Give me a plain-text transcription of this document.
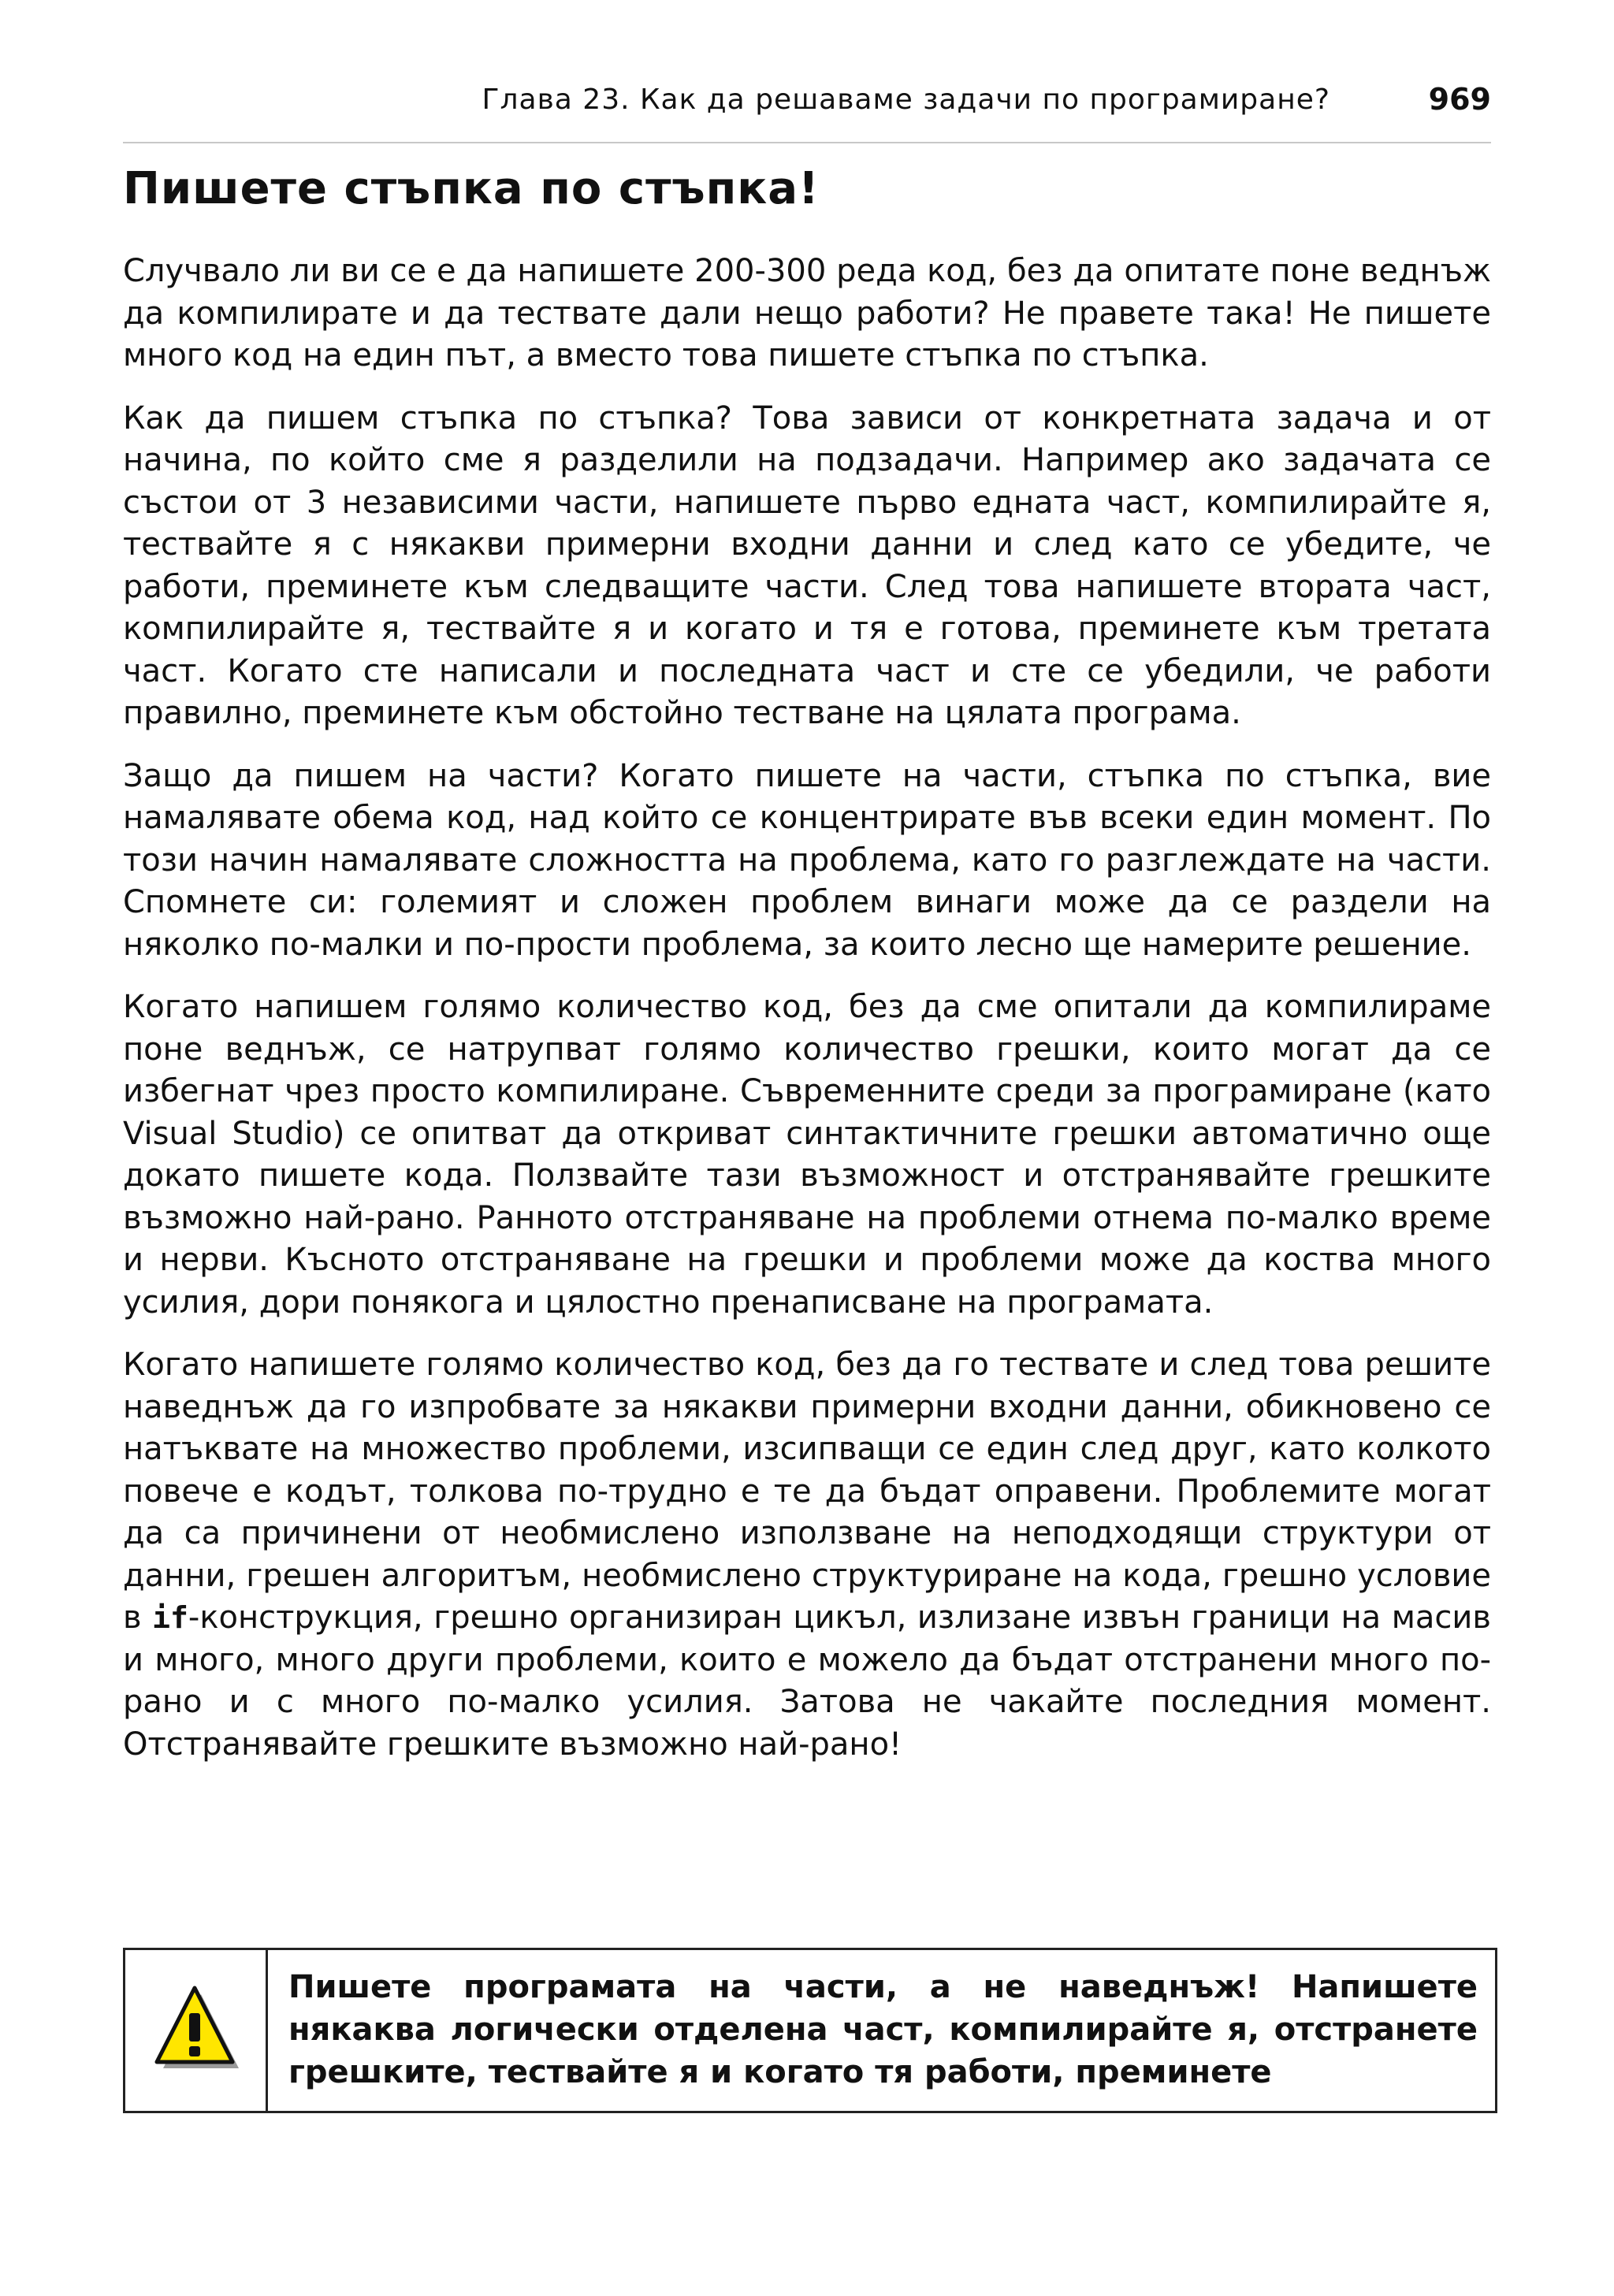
Глава 23. Как да решаваме задачи по програмиране?	969
Пишете стъпка по стъпка!

Случвало ли ви се е да напишете 200-300 реда код, без да опитате поне веднъж да компилирате и да тествате дали нещо работи? Не правете така! Не пишете много код на един път, а вместо това пишете стъпка по стъпка.

Как да пишем стъпка по стъпка? Това зависи от конкретната задача и от начина, по който сме я разделили на подзадачи. Например ако задачата се състои от 3 независими части, напишете първо едната част, компилирайте я, тествайте я с някакви примерни входни данни и след като се убедите, че работи, преминете към следващите части. След това напишете втората част, компилирайте я, тествайте я и когато и тя е готова, преминете към третата част. Когато сте написали и последната част и сте се убедили, че работи правилно, преминете към обстойно тестване на цялата програма.

Защо да пишем на части? Когато пишете на части, стъпка по стъпка, вие намалявате обема код, над който се концентрирате във всеки един момент. По този начин намалявате сложността на проблема, като го разглеждате на части. Спомнете си: големият и сложен проблем винаги може да се раздели на няколко по-малки и по-прости проблема, за които лесно ще намерите решение.

Когато напишем голямо количество код, без да сме опитали да компилираме поне веднъж, се натрупват голямо количество грешки, които могат да се избегнат чрез просто компилиране. Съвременните среди за програмиране (като Visual Studio) се опитват да откриват синтактичните грешки автоматично още докато пишете кода. Ползвайте тази възможност и отстранявайте грешките възможно най-рано. Ранното отстраняване на проблеми отнема по-малко време и нерви. Късното отстраняване на грешки и проблеми може да коства много усилия, дори понякога и цялостно пренаписване на програмата.

Когато напишете голямо количество код, без да го тествате и след това решите наведнъж да го изпробвате за някакви примерни входни данни, обикновено се натъквате на множество проблеми, изсипващи се един след друг, като колкото повече е кодът, толкова по-трудно е те да бъдат оправени. Проблемите могат да са причинени от необмислено използване на неподходящи структури от данни, грешен алгоритъм, необмислено структуриране на кода, грешно условие в if-конструкция, грешно организиран цикъл, излизане извън граници на масив и много, много други проблеми, които е можело да бъдат отстранени много по-рано и с много по-малко усилия. Затова не чакайте последния момент. Отстранявайте грешките възможно най-рано!

Пишете програмата на части, а не наведнъж! Напишете някаква логически отделена част, компилирайте я, отстранете грешките, тествайте я и когато тя работи, преминете
